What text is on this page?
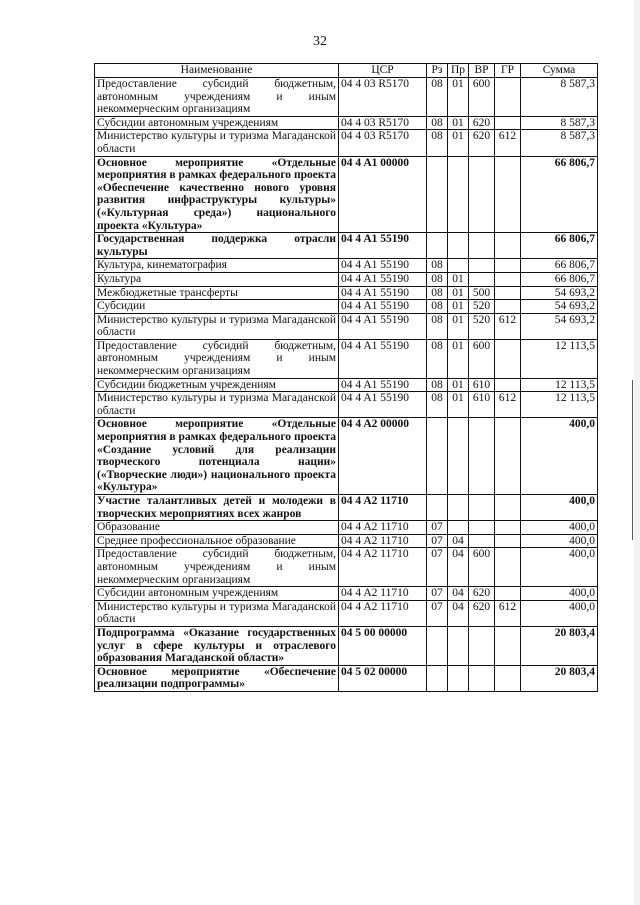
32
Наименование	ЦСР	Рз	Пр	ВР	ГР	Сумма
Предоставление субсидий бюджетным, автономным учреждениям и иным некоммерческим организациям	04 4 03 R5170	08	01	600		8 587,3
Субсидии автономным учреждениям	04 4 03 R5170	08	01	620		8 587,3
Министерство культуры и туризма Магаданской области	04 4 03 R5170	08	01	620	612	8 587,3
Основное мероприятие «Отдельные мероприятия в рамках федерального проекта «Обеспечение качественно нового уровня развития инфраструктуры культуры» («Культурная среда») национального проекта «Культура»	04 4 A1 00000					66 806,7
Государственная поддержка отрасли культуры	04 4 A1 55190					66 806,7
Культура, кинематография	04 4 A1 55190	08				66 806,7
Культура	04 4 A1 55190	08	01			66 806,7
Межбюджетные трансферты	04 4 A1 55190	08	01	500		54 693,2
Субсидии	04 4 A1 55190	08	01	520		54 693,2
Министерство культуры и туризма Магаданской области	04 4 A1 55190	08	01	520	612	54 693,2
Предоставление субсидий бюджетным, автономным учреждениям и иным некоммерческим организациям	04 4 A1 55190	08	01	600		12 113,5
Субсидии бюджетным учреждениям	04 4 A1 55190	08	01	610		12 113,5
Министерство культуры и туризма Магаданской области	04 4 A1 55190	08	01	610	612	12 113,5
Основное мероприятие «Отдельные мероприятия в рамках федерального проекта «Создание условий для реализации творческого потенциала нации» («Творческие люди») национального проекта «Культура»	04 4 A2 00000					400,0
Участие талантливых детей и молодежи в творческих мероприятиях всех жанров	04 4 A2 11710					400,0
Образование	04 4 A2 11710	07				400,0
Среднее профессиональное образование	04 4 A2 11710	07	04			400,0
Предоставление субсидий бюджетным, автономным учреждениям и иным некоммерческим организациям	04 4 A2 11710	07	04	600		400,0
Субсидии автономным учреждениям	04 4 A2 11710	07	04	620		400,0
Министерство культуры и туризма Магаданской области	04 4 A2 11710	07	04	620	612	400,0
Подпрограмма «Оказание государственных услуг в сфере культуры и отраслевого образования Магаданской области»	04 5 00 00000					20 803,4
Основное мероприятие «Обеспечение реализации подпрограммы»	04 5 02 00000					20 803,4
